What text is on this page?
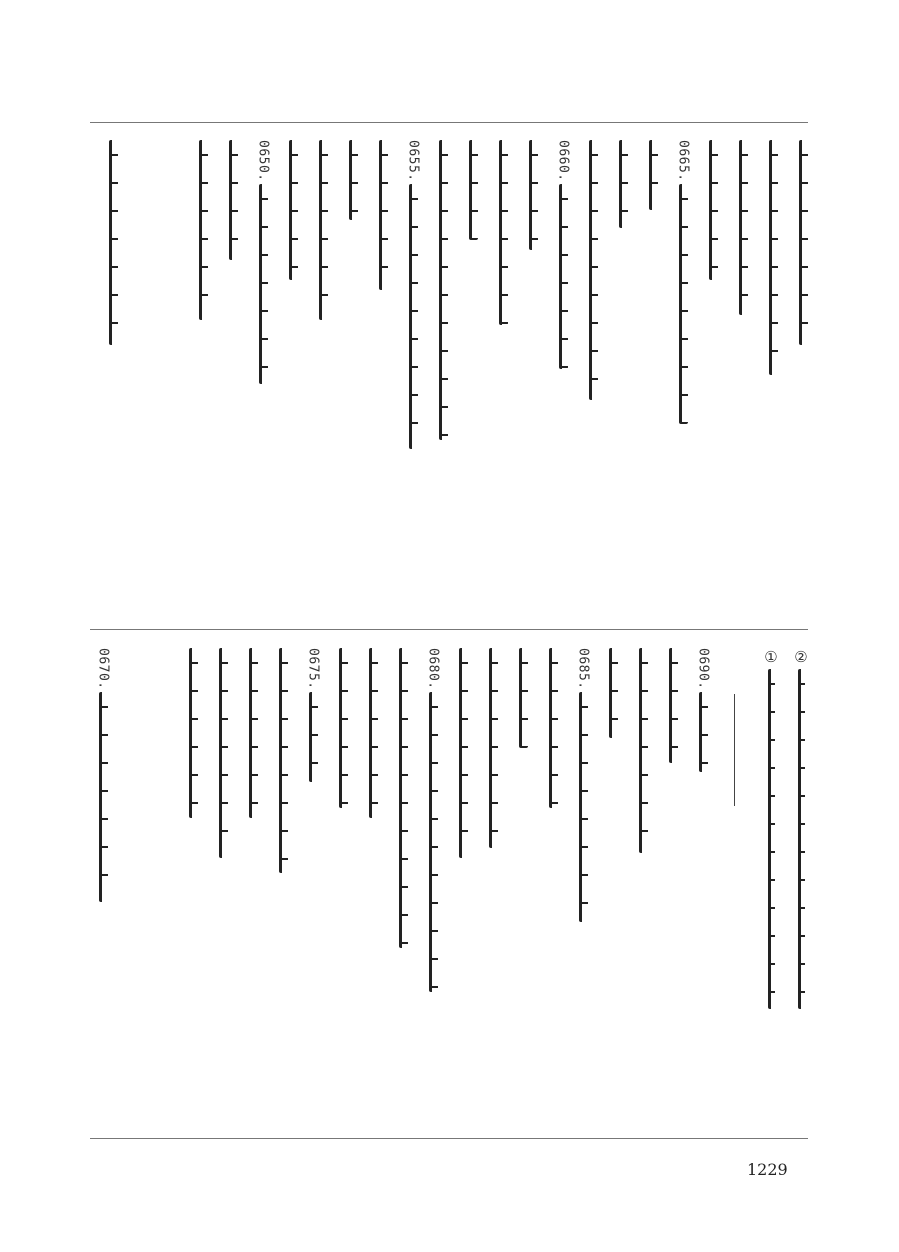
0665.
0660.
0655.
0650.
②
①
0690.
0685.
0680.
0675.
0670.
1229
